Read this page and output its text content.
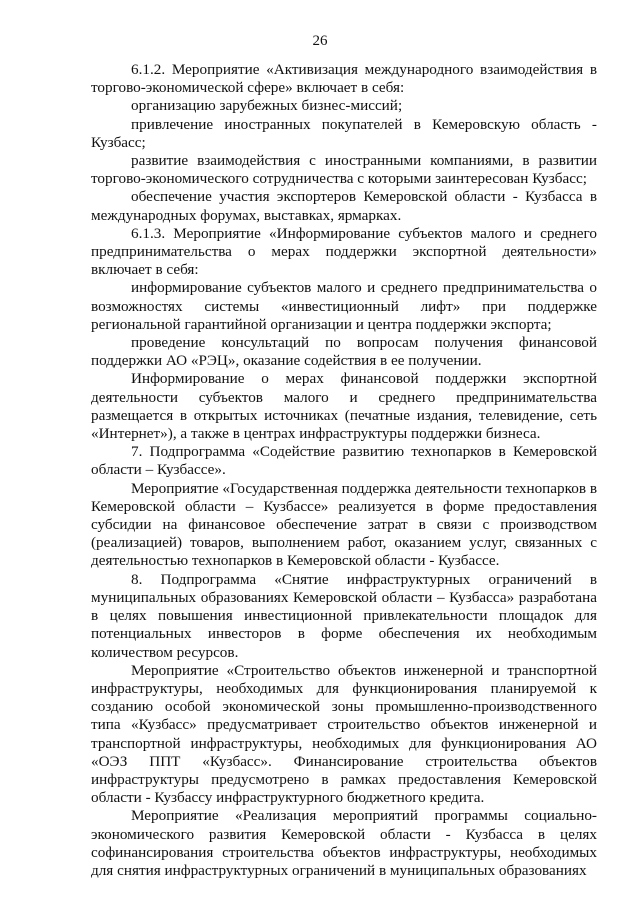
26

6.1.2. Мероприятие «Активизация международного взаимодействия в торгово-экономической сфере» включает в себя:

организацию зарубежных бизнес-миссий;

привлечение иностранных покупателей в Кемеровскую область - Кузбасс;

развитие взаимодействия с иностранными компаниями, в развитии торгово-экономического сотрудничества с которыми заинтересован Кузбасс;

обеспечение участия экспортеров Кемеровской области - Кузбасса в международных форумах, выставках, ярмарках.

6.1.3. Мероприятие «Информирование субъектов малого и среднего предпринимательства о мерах поддержки экспортной деятельности» включает в себя:

информирование субъектов малого и среднего предпринимательства о возможностях системы «инвестиционный лифт» при поддержке региональной гарантийной организации и центра поддержки экспорта;

проведение консультаций по вопросам получения финансовой поддержки АО «РЭЦ», оказание содействия в ее получении.

Информирование о мерах финансовой поддержки экспортной деятельности субъектов малого и среднего предпринимательства размещается в открытых источниках (печатные издания, телевидение, сеть «Интернет»), а также в центрах инфраструктуры поддержки бизнеса.

7. Подпрограмма «Содействие развитию технопарков в Кемеровской области – Кузбассе».

Мероприятие «Государственная поддержка деятельности технопарков в Кемеровской области – Кузбассе» реализуется в форме предоставления субсидии на финансовое обеспечение затрат в связи с производством (реализацией) товаров, выполнением работ, оказанием услуг, связанных с деятельностью технопарков в Кемеровской области - Кузбассе.

8. Подпрограмма «Снятие инфраструктурных ограничений в муниципальных образованиях Кемеровской области – Кузбасса» разработана в целях повышения инвестиционной привлекательности площадок для потенциальных инвесторов в форме обеспечения их необходимым количеством ресурсов.

Мероприятие «Строительство объектов инженерной и транспортной инфраструктуры, необходимых для функционирования планируемой к созданию особой экономической зоны промышленно-производственного типа «Кузбасс» предусматривает строительство объектов инженерной и транспортной инфраструктуры, необходимых для функционирования АО «ОЭЗ ППТ «Кузбасс». Финансирование строительства объектов инфраструктуры предусмотрено в рамках предоставления Кемеровской области - Кузбассу инфраструктурного бюджетного кредита.

Мероприятие «Реализация мероприятий программы социально-экономического развития Кемеровской области - Кузбасса в целях софинансирования строительства объектов инфраструктуры, необходимых для снятия инфраструктурных ограничений в муниципальных образованиях
